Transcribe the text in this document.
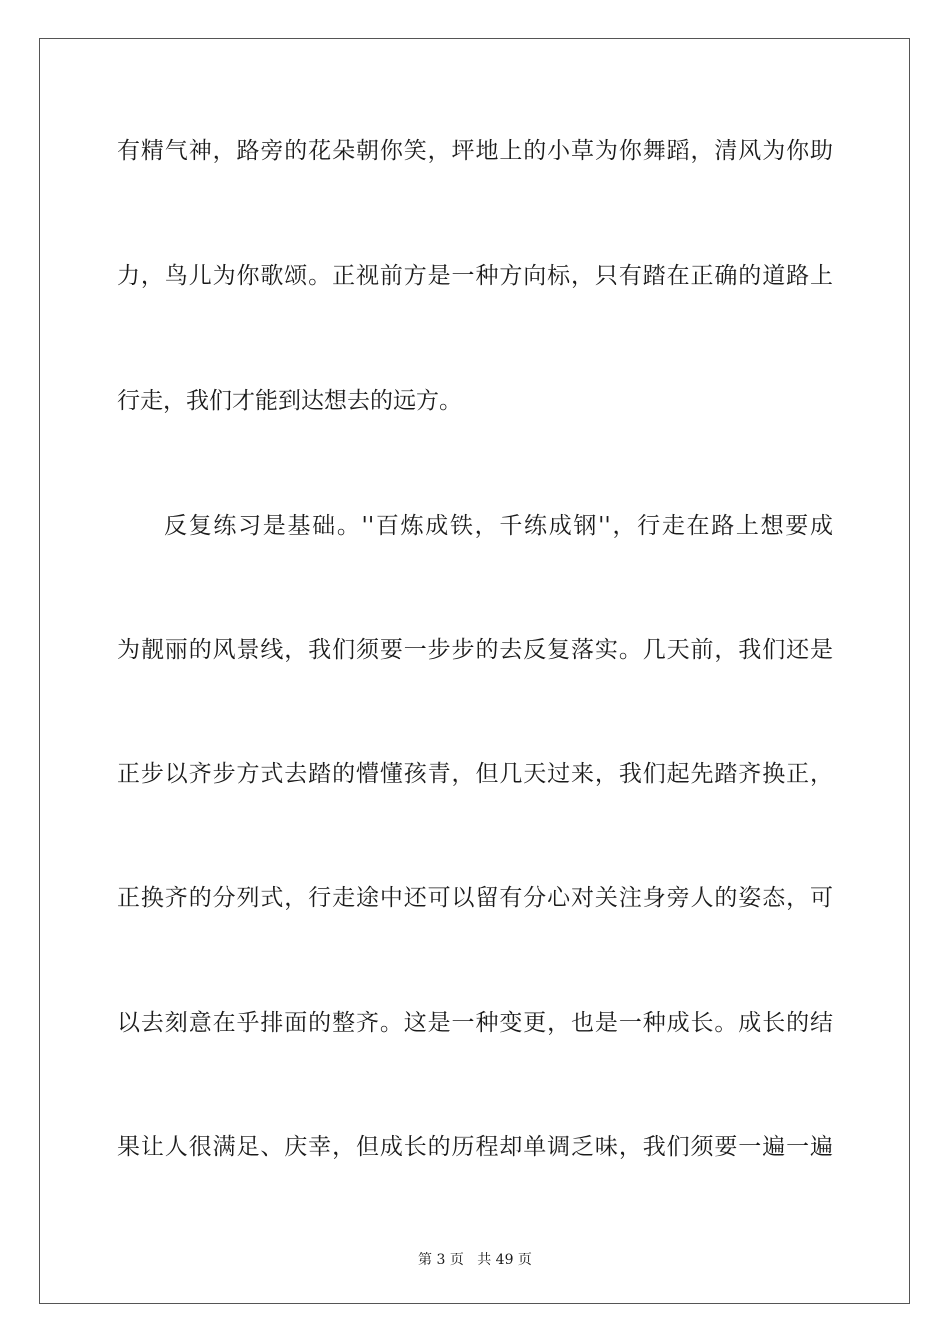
有精气神，路旁的花朵朝你笑，坪地上的小草为你舞蹈，清风为你助
力，鸟儿为你歌颂。正视前方是一种方向标，只有踏在正确的道路上
行走，我们才能到达想去的远方。
反复练习是基础。''百炼成铁，千练成钢''，行走在路上想要成
为靓丽的风景线，我们须要一步步的去反复落实。几天前，我们还是
正步以齐步方式去踏的懵懂孩青，但几天过来，我们起先踏齐换正，
正换齐的分列式，行走途中还可以留有分心对关注身旁人的姿态，可
以去刻意在乎排面的整齐。这是一种变更，也是一种成长。成长的结
果让人很满足、庆幸，但成长的历程却单调乏味，我们须要一遍一遍
第 3 页 共 49 页
